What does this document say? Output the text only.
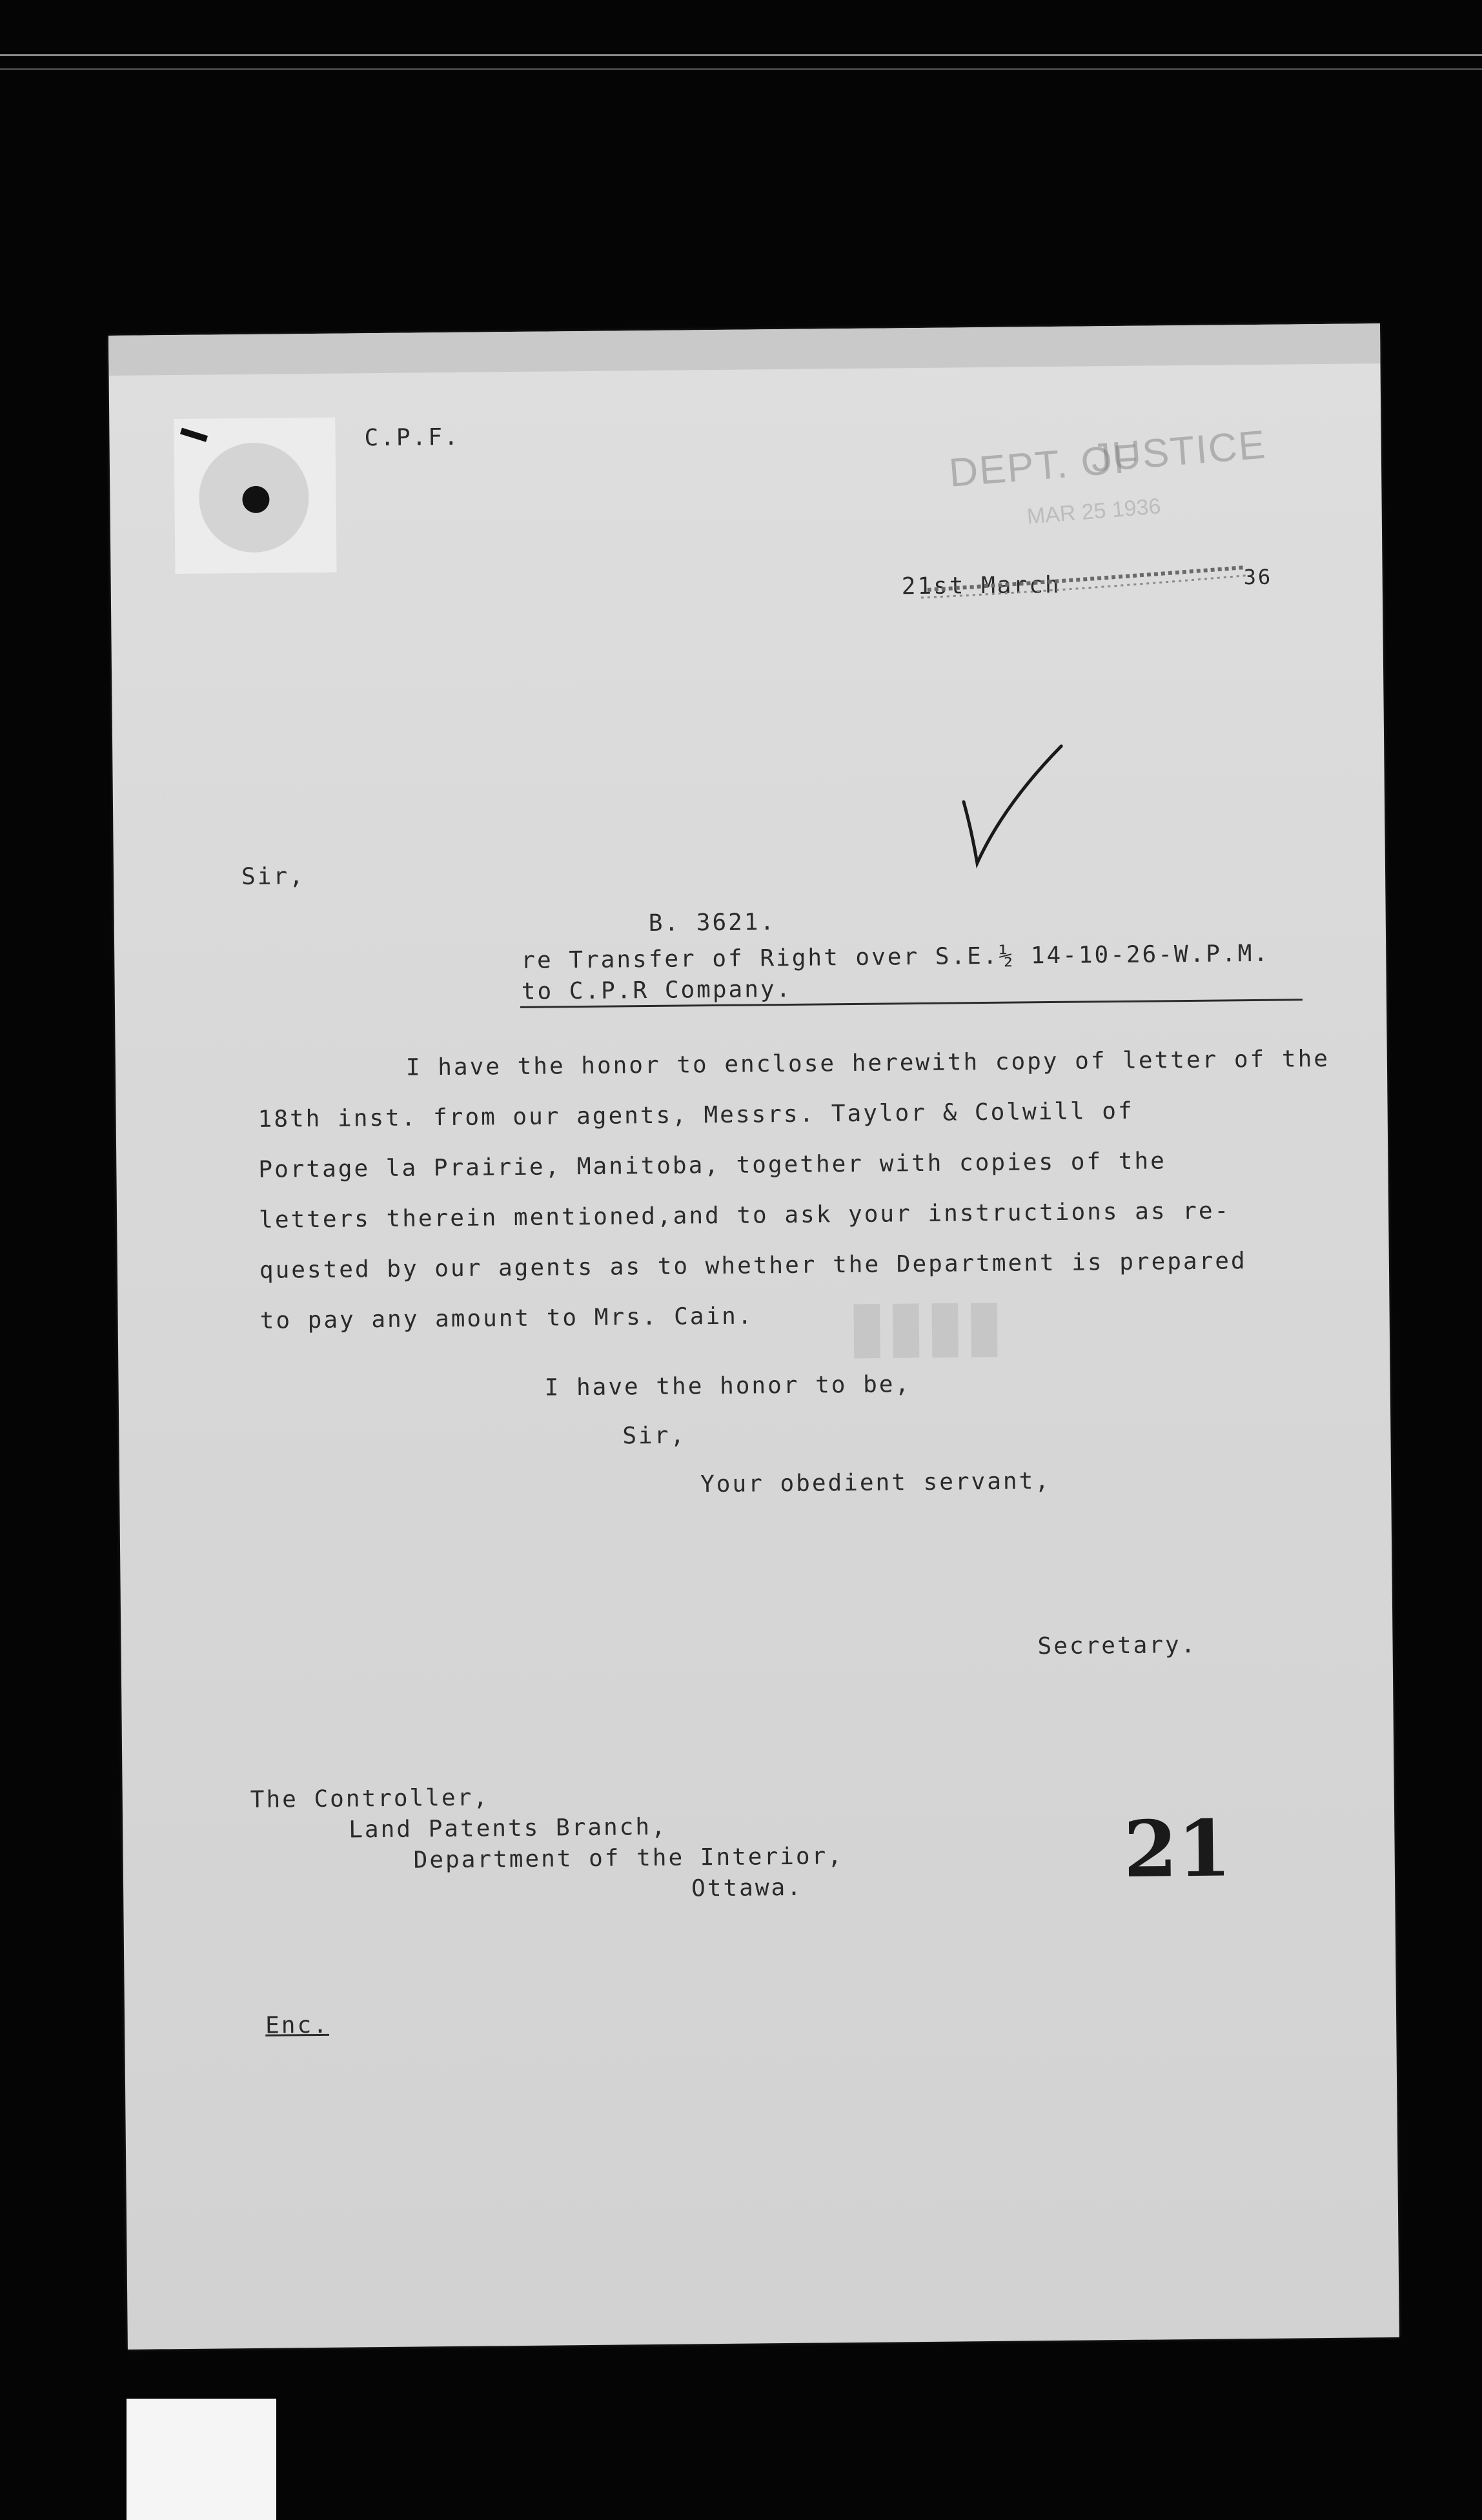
C.P.F.	DEPT. OF
JUSTICE
MAR 25 1936
21st March	36
Sir,
B. 3621.
re Transfer of Right over S.E.½ 14-10-26-W.P.M.
to C.P.R Company.
I have the honor to enclose herewith copy of letter of the
18th inst. from our agents, Messrs. Taylor & Colwill of
Portage la Prairie, Manitoba, together with copies of the
letters therein mentioned,and to ask your instructions as re-
quested by our agents as to whether the Department is prepared
to pay any amount to Mrs. Cain. ▮▮▮▮
I have the honor to be,
Sir,
Your obedient servant,
Secretary.
The Controller,
Land Patents Branch,
Department of the Interior,
Ottawa.	21
Enc.
